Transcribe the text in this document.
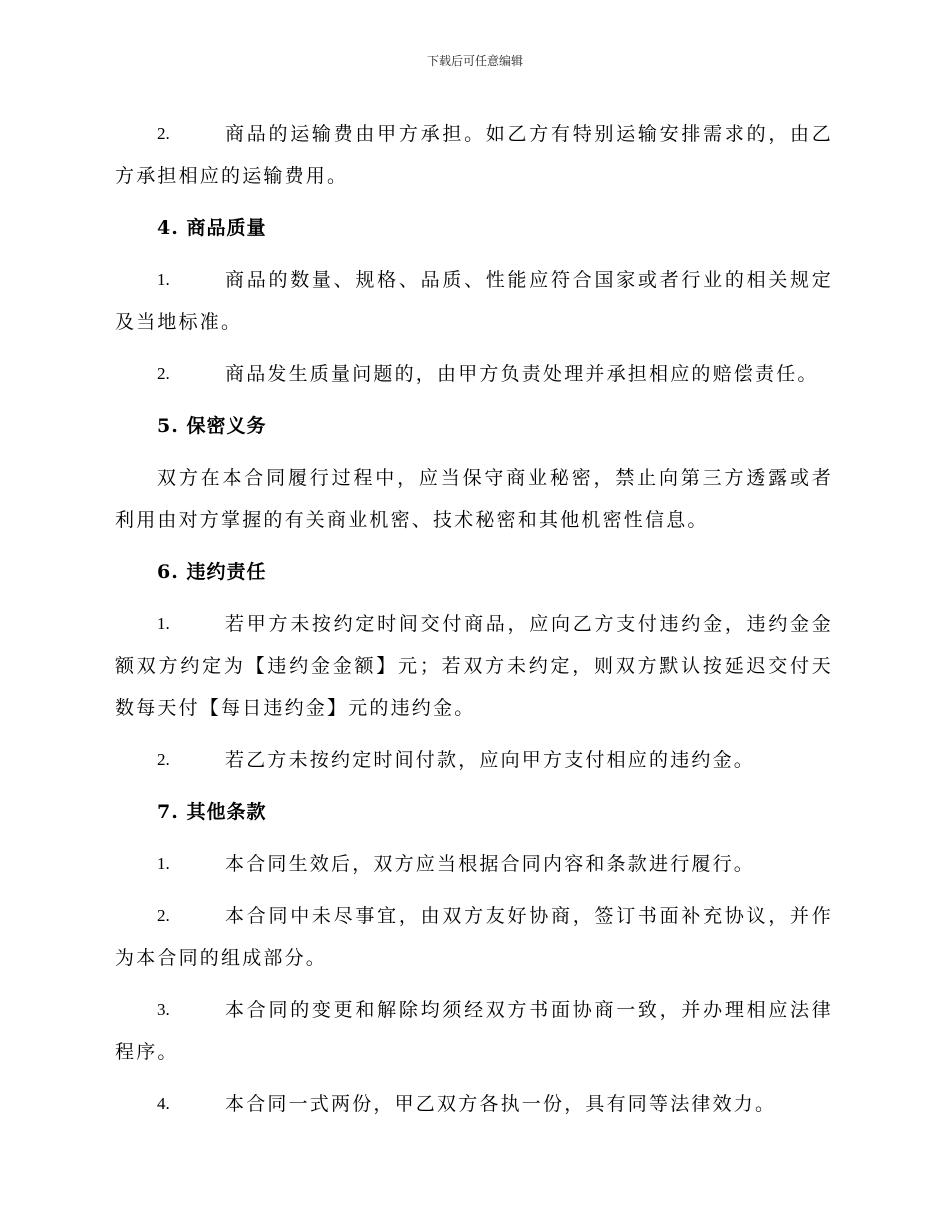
下载后可任意编辑
2.	商品的运输费由甲方承担。如乙方有特别运输安排需求的，由乙方承担相应的运输费用。
4. 商品质量
1.	商品的数量、规格、品质、性能应符合国家或者行业的相关规定及当地标准。
2.	商品发生质量问题的，由甲方负责处理并承担相应的赔偿责任。
5. 保密义务
双方在本合同履行过程中，应当保守商业秘密，禁止向第三方透露或者利用由对方掌握的有关商业机密、技术秘密和其他机密性信息。
6. 违约责任
1.	若甲方未按约定时间交付商品，应向乙方支付违约金，违约金金额双方约定为【违约金金额】元；若双方未约定，则双方默认按延迟交付天数每天付【每日违约金】元的违约金。
2.	若乙方未按约定时间付款，应向甲方支付相应的违约金。
7. 其他条款
1.	本合同生效后，双方应当根据合同内容和条款进行履行。
2.	本合同中未尽事宜，由双方友好协商，签订书面补充协议，并作为本合同的组成部分。
3.	本合同的变更和解除均须经双方书面协商一致，并办理相应法律程序。
4.	本合同一式两份，甲乙双方各执一份，具有同等法律效力。
